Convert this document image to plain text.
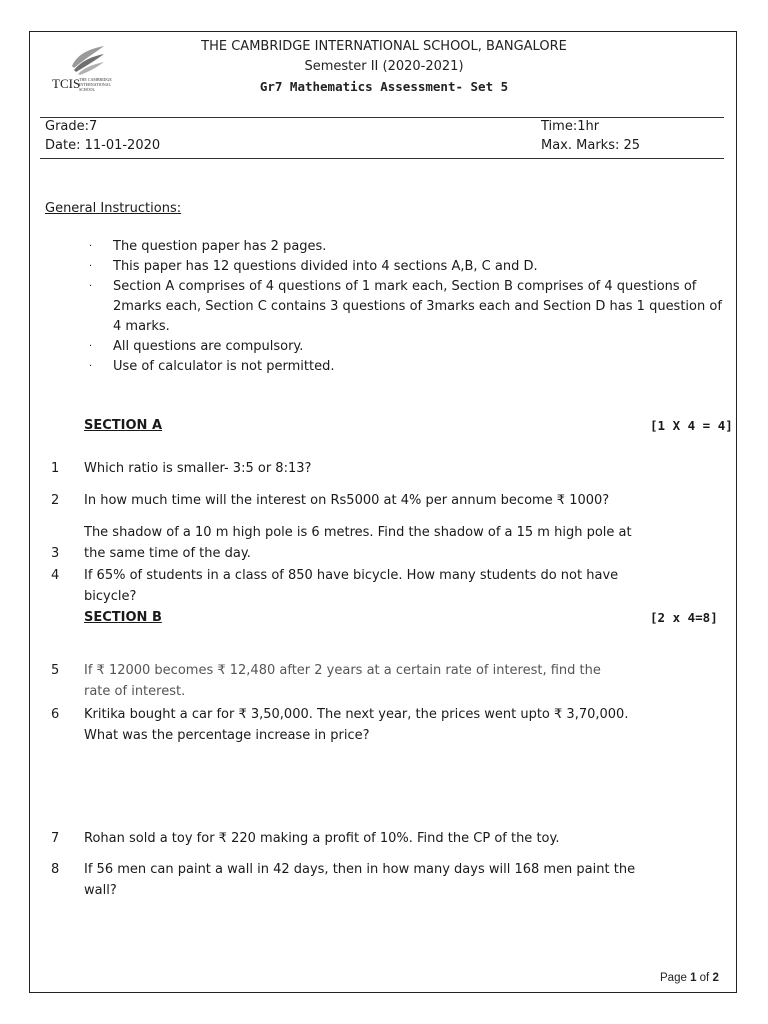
TCIS
THE CAMBRIDGE INTERNATIONAL SCHOOL
THE CAMBRIDGE INTERNATIONAL SCHOOL, BANGALORE
Semester II (2020-2021)
Gr7 Mathematics Assessment- Set 5
Grade:7	Time:1hr
Date: 11-01-2020	Max. Marks: 25
General Instructions:
· The question paper has 2 pages.
· This paper has 12 questions divided into 4 sections A,B, C and D.
· Section A comprises of 4 questions of 1 mark each, Section B comprises of 4 questions of
2marks each, Section C contains 3 questions of 3marks each and Section D has 1 question of
4 marks.
· All questions are compulsory.
· Use of calculator is not permitted.
SECTION A	[1 X 4 = 4]
1 Which ratio is smaller- 3:5 or 8:13?
2 In how much time will the interest on Rs5000 at 4% per annum become ₹ 1000?
The shadow of a 10 m high pole is 6 metres. Find the shadow of a 15 m high pole at
3 the same time of the day.
4 If 65% of students in a class of 850 have bicycle. How many students do not have
bicycle?
SECTION B	[2 x 4=8]
5 If ₹ 12000 becomes ₹ 12,480 after 2 years at a certain rate of interest, find the
rate of interest.
6 Kritika bought a car for ₹ 3,50,000. The next year, the prices went upto ₹ 3,70,000.
What was the percentage increase in price?
7 Rohan sold a toy for ₹ 220 making a profit of 10%. Find the CP of the toy.
8 If 56 men can paint a wall in 42 days, then in how many days will 168 men paint the
wall?
Page 1 of 2
